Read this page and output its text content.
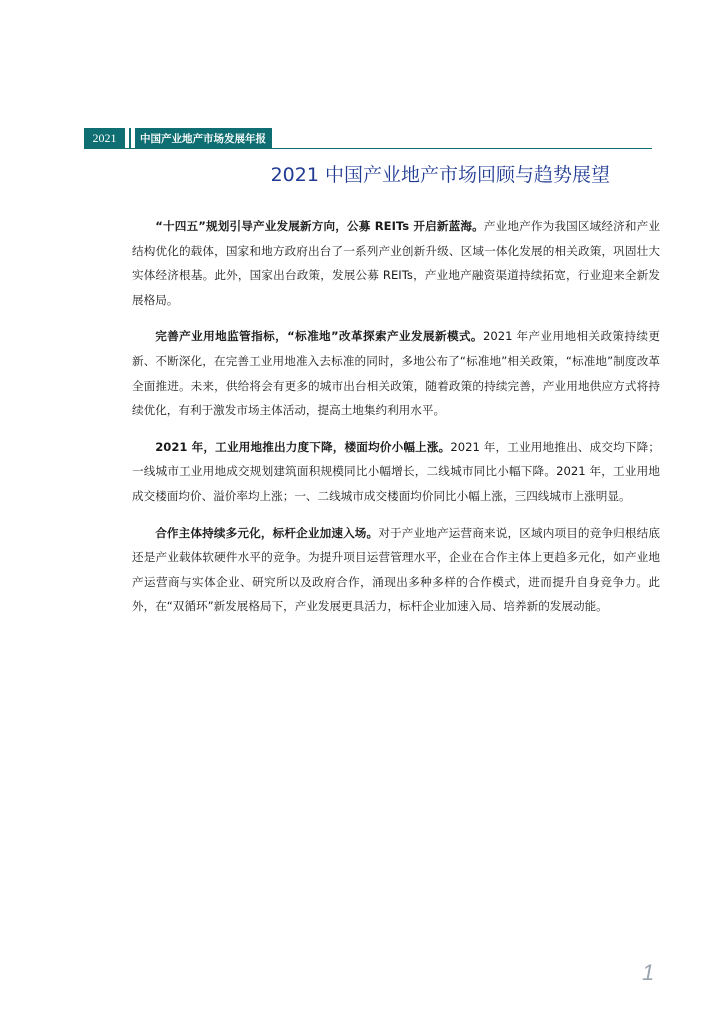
2021	中国产业地产市场发展年报
2021 中国产业地产市场回顾与趋势展望

“十四五”规划引导产业发展新方向，公募 REITs 开启新蓝海。产业地产作为我国区域经济和产业结构优化的载体，国家和地方政府出台了一系列产业创新升级、区域一体化发展的相关政策，巩固壮大实体经济根基。此外，国家出台政策，发展公募 REITs，产业地产融资渠道持续拓宽，行业迎来全新发展格局。

完善产业用地监管指标，“标准地”改革探索产业发展新模式。2021 年产业用地相关政策持续更新、不断深化，在完善工业用地准入去标准的同时，多地公布了“标准地”相关政策，“标准地”制度改革全面推进。未来，供给将会有更多的城市出台相关政策，随着政策的持续完善，产业用地供应方式将持续优化，有利于激发市场主体活动，提高土地集约利用水平。

2021 年，工业用地推出力度下降，楼面均价小幅上涨。2021 年，工业用地推出、成交均下降；一线城市工业用地成交规划建筑面积规模同比小幅增长，二线城市同比小幅下降。2021 年，工业用地成交楼面均价、溢价率均上涨；一、二线城市成交楼面均价同比小幅上涨，三四线城市上涨明显。

合作主体持续多元化，标杆企业加速入场。对于产业地产运营商来说，区域内项目的竞争归根结底还是产业载体软硬件水平的竞争。为提升项目运营管理水平，企业在合作主体上更趋多元化，如产业地产运营商与实体企业、研究所以及政府合作，涌现出多种多样的合作模式，进而提升自身竞争力。此外，在“双循环”新发展格局下，产业发展更具活力，标杆企业加速入局、培养新的发展动能。

1
